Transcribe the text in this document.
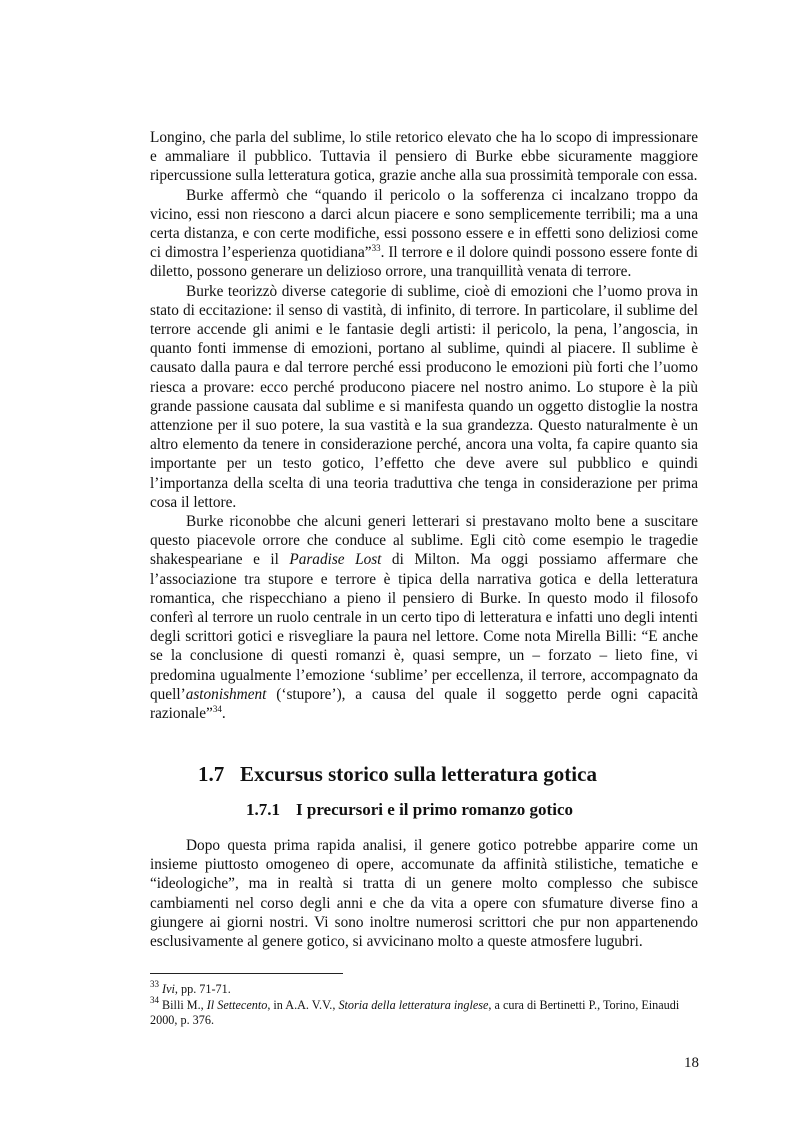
Longino, che parla del sublime, lo stile retorico elevato che ha lo scopo di impressionare e ammaliare il pubblico. Tuttavia il pensiero di Burke ebbe sicuramente maggiore ripercussione sulla letteratura gotica, grazie anche alla sua prossimità temporale con essa.

Burke affermò che “quando il pericolo o la sofferenza ci incalzano troppo da vicino, essi non riescono a darci alcun piacere e sono semplicemente terribili; ma a una certa distanza, e con certe modifiche, essi possono essere e in effetti sono deliziosi come ci dimostra l’esperienza quotidiana”$^{33}$. Il terrore e il dolore quindi possono essere fonte di diletto, possono generare un delizioso orrore, una tranquillità venata di terrore.

Burke teorizzò diverse categorie di sublime, cioè di emozioni che l’uomo prova in stato di eccitazione: il senso di vastità, di infinito, di terrore. In particolare, il sublime del terrore accende gli animi e le fantasie degli artisti: il pericolo, la pena, l’angoscia, in quanto fonti immense di emozioni, portano al sublime, quindi al piacere. Il sublime è causato dalla paura e dal terrore perché essi producono le emozioni più forti che l’uomo riesca a provare: ecco perché producono piacere nel nostro animo. Lo stupore è la più grande passione causata dal sublime e si manifesta quando un oggetto distoglie la nostra attenzione per il suo potere, la sua vastità e la sua grandezza. Questo naturalmente è un altro elemento da tenere in considerazione perché, ancora una volta, fa capire quanto sia importante per un testo gotico, l’effetto che deve avere sul pubblico e quindi l’importanza della scelta di una teoria traduttiva che tenga in considerazione per prima cosa il lettore.

Burke riconobbe che alcuni generi letterari si prestavano molto bene a suscitare questo piacevole orrore che conduce al sublime. Egli citò come esempio le tragedie shakespeariane e il Paradise Lost di Milton. Ma oggi possiamo affermare che l’associazione tra stupore e terrore è tipica della narrativa gotica e della letteratura romantica, che rispecchiano a pieno il pensiero di Burke. In questo modo il filosofo conferì al terrore un ruolo centrale in un certo tipo di letteratura e infatti uno degli intenti degli scrittori gotici e risvegliare la paura nel lettore. Come nota Mirella Billi: “E anche se la conclusione di questi romanzi è, quasi sempre, un – forzato – lieto fine, vi predomina ugualmente l’emozione ‘sublime’ per eccellenza, il terrore, accompagnato da quell’astonishment (‘stupore’), a causa del quale il soggetto perde ogni capacità razionale”$^{34}$.

1.7 Excursus storico sulla letteratura gotica
1.7.1 I precursori e il primo romanzo gotico

Dopo questa prima rapida analisi, il genere gotico potrebbe apparire come un insieme piuttosto omogeneo di opere, accomunate da affinità stilistiche, tematiche e “ideologiche”, ma in realtà si tratta di un genere molto complesso che subisce cambiamenti nel corso degli anni e che da vita a opere con sfumature diverse fino a giungere ai giorni nostri. Vi sono inoltre numerosi scrittori che pur non appartenendo esclusivamente al genere gotico, si avvicinano molto a queste atmosfere lugubri.

$^{33}$ Ivi, pp. 71-71.

$^{34}$ Billi M., Il Settecento, in A.A. V.V., Storia della letteratura inglese, a cura di Bertinetti P., Torino, Einaudi 2000, p. 376.

18
